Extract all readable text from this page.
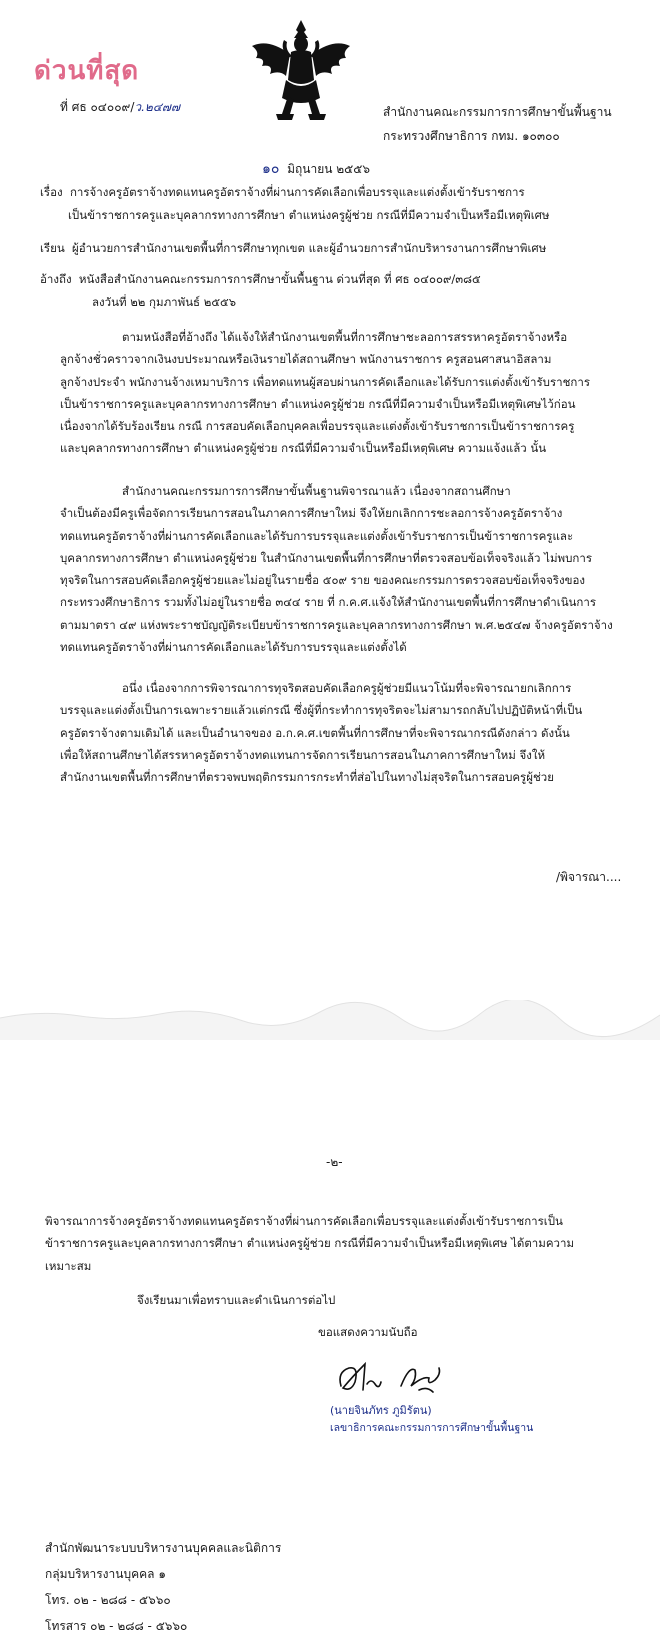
ด่วนที่สุด
ที่ ศธ ๐๔๐๐๙/ว.๒๔๗๗	สำนักงานคณะกรรมการการศึกษาขั้นพื้นฐาน
กระทรวงศึกษาธิการ กทม. ๑๐๓๐๐
๑๐ มิถุนายน ๒๕๕๖
เรื่อง การจ้างครูอัตราจ้างทดแทนครูอัตราจ้างที่ผ่านการคัดเลือกเพื่อบรรจุและแต่งตั้งเข้ารับราชการ
เป็นข้าราชการครูและบุคลากรทางการศึกษา ตำแหน่งครูผู้ช่วย กรณีที่มีความจำเป็นหรือมีเหตุพิเศษ
เรียน ผู้อำนวยการสำนักงานเขตพื้นที่การศึกษาทุกเขต และผู้อำนวยการสำนักบริหารงานการศึกษาพิเศษ
อ้างถึง หนังสือสำนักงานคณะกรรมการการศึกษาขั้นพื้นฐาน ด่วนที่สุด ที่ ศธ ๐๔๐๐๙/๓๘๕
ลงวันที่ ๒๒ กุมภาพันธ์ ๒๕๕๖
ตามหนังสือที่อ้างถึง ได้แจ้งให้สำนักงานเขตพื้นที่การศึกษาชะลอการสรรหาครูอัตราจ้างหรือ
ลูกจ้างชั่วคราวจากเงินงบประมาณหรือเงินรายได้สถานศึกษา พนักงานราชการ ครูสอนศาสนาอิสลาม
ลูกจ้างประจำ พนักงานจ้างเหมาบริการ เพื่อทดแทนผู้สอบผ่านการคัดเลือกและได้รับการแต่งตั้งเข้ารับราชการ
เป็นข้าราชการครูและบุคลากรทางการศึกษา ตำแหน่งครูผู้ช่วย กรณีที่มีความจำเป็นหรือมีเหตุพิเศษไว้ก่อน
เนื่องจากได้รับร้องเรียน กรณี การสอบคัดเลือกบุคคลเพื่อบรรจุและแต่งตั้งเข้ารับราชการเป็นข้าราชการครู
และบุคลากรทางการศึกษา ตำแหน่งครูผู้ช่วย กรณีที่มีความจำเป็นหรือมีเหตุพิเศษ ความแจ้งแล้ว นั้น
สำนักงานคณะกรรมการการศึกษาขั้นพื้นฐานพิจารณาแล้ว เนื่องจากสถานศึกษา
จำเป็นต้องมีครูเพื่อจัดการเรียนการสอนในภาคการศึกษาใหม่ จึงให้ยกเลิกการชะลอการจ้างครูอัตราจ้าง
ทดแทนครูอัตราจ้างที่ผ่านการคัดเลือกและได้รับการบรรจุและแต่งตั้งเข้ารับราชการเป็นข้าราชการครูและ
บุคลากรทางการศึกษา ตำแหน่งครูผู้ช่วย ในสำนักงานเขตพื้นที่การศึกษาที่ตรวจสอบข้อเท็จจริงแล้ว ไม่พบการ
ทุจริตในการสอบคัดเลือกครูผู้ช่วยและไม่อยู่ในรายชื่อ ๕๐๙ ราย ของคณะกรรมการตรวจสอบข้อเท็จจริงของ
กระทรวงศึกษาธิการ รวมทั้งไม่อยู่ในรายชื่อ ๓๔๔ ราย ที่ ก.ค.ศ.แจ้งให้สำนักงานเขตพื้นที่การศึกษาดำเนินการ
ตามมาตรา ๔๙ แห่งพระราชบัญญัติระเบียบข้าราชการครูและบุคลากรทางการศึกษา พ.ศ.๒๕๔๗ จ้างครูอัตราจ้าง
ทดแทนครูอัตราจ้างที่ผ่านการคัดเลือกและได้รับการบรรจุและแต่งตั้งได้
อนึ่ง เนื่องจากการพิจารณาการทุจริตสอบคัดเลือกครูผู้ช่วยมีแนวโน้มที่จะพิจารณายกเลิกการ
บรรจุและแต่งตั้งเป็นการเฉพาะรายแล้วแต่กรณี ซึ่งผู้ที่กระทำการทุจริตจะไม่สามารถกลับไปปฏิบัติหน้าที่เป็น
ครูอัตราจ้างตามเดิมได้ และเป็นอำนาจของ อ.ก.ค.ศ.เขตพื้นที่การศึกษาที่จะพิจารณากรณีดังกล่าว ดังนั้น
เพื่อให้สถานศึกษาได้สรรหาครูอัตราจ้างทดแทนการจัดการเรียนการสอนในภาคการศึกษาใหม่ จึงให้
สำนักงานเขตพื้นที่การศึกษาที่ตรวจพบพฤติกรรมการกระทำที่ส่อไปในทางไม่สุจริตในการสอบครูผู้ช่วย
/พิจารณา....
-๒-
พิจารณาการจ้างครูอัตราจ้างทดแทนครูอัตราจ้างที่ผ่านการคัดเลือกเพื่อบรรจุและแต่งตั้งเข้ารับราชการเป็น
ข้าราชการครูและบุคลากรทางการศึกษา ตำแหน่งครูผู้ช่วย กรณีที่มีความจำเป็นหรือมีเหตุพิเศษ ได้ตามความ
เหมาะสม
จึงเรียนมาเพื่อทราบและดำเนินการต่อไป
ขอแสดงความนับถือ
(นายจินภัทร ภูมิรัตน)
เลขาธิการคณะกรรมการการศึกษาขั้นพื้นฐาน
สำนักพัฒนาระบบบริหารงานบุคคลและนิติการ
กลุ่มบริหารงานบุคคล ๑
โทร. ๐๒ - ๒๘๘ - ๕๖๖๐
โทรสาร ๐๒ - ๒๘๘ - ๕๖๖๐
